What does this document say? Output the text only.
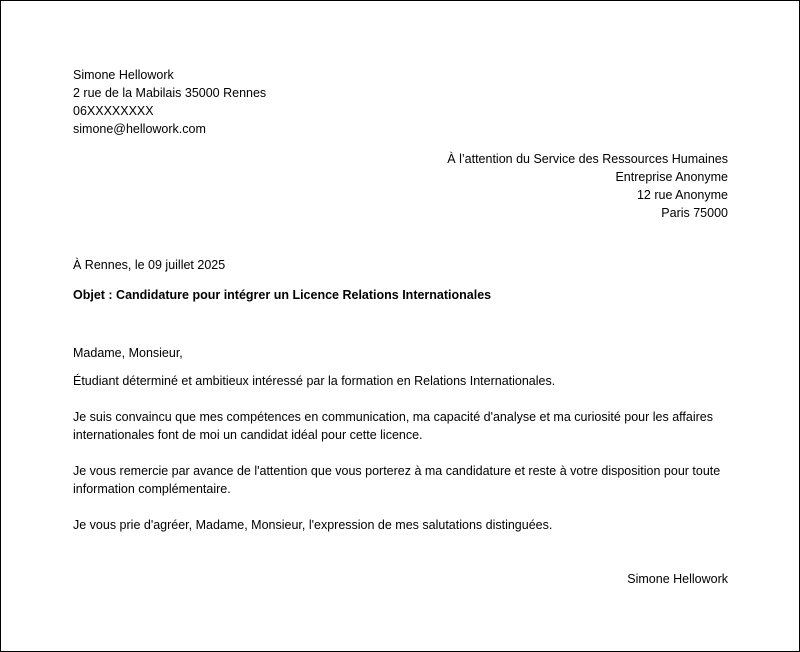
Simone Hellowork

2 rue de la Mabilais 35000 Rennes

06XXXXXXXX

simone@hellowork.com

À l’attention du Service des Ressources Humaines

Entreprise Anonyme

12 rue Anonyme

Paris 75000

À Rennes, le 09 juillet 2025

Objet : Candidature pour intégrer un Licence Relations Internationales

Madame, Monsieur,

Étudiant déterminé et ambitieux intéressé par la formation en Relations Internationales.

Je suis convaincu que mes compétences en communication, ma capacité d'analyse et ma curiosité pour les affaires internationales font de moi un candidat idéal pour cette licence.

Je vous remercie par avance de l'attention que vous porterez à ma candidature et reste à votre disposition pour toute information complémentaire.

Je vous prie d'agréer, Madame, Monsieur, l'expression de mes salutations distinguées.

Simone Hellowork
